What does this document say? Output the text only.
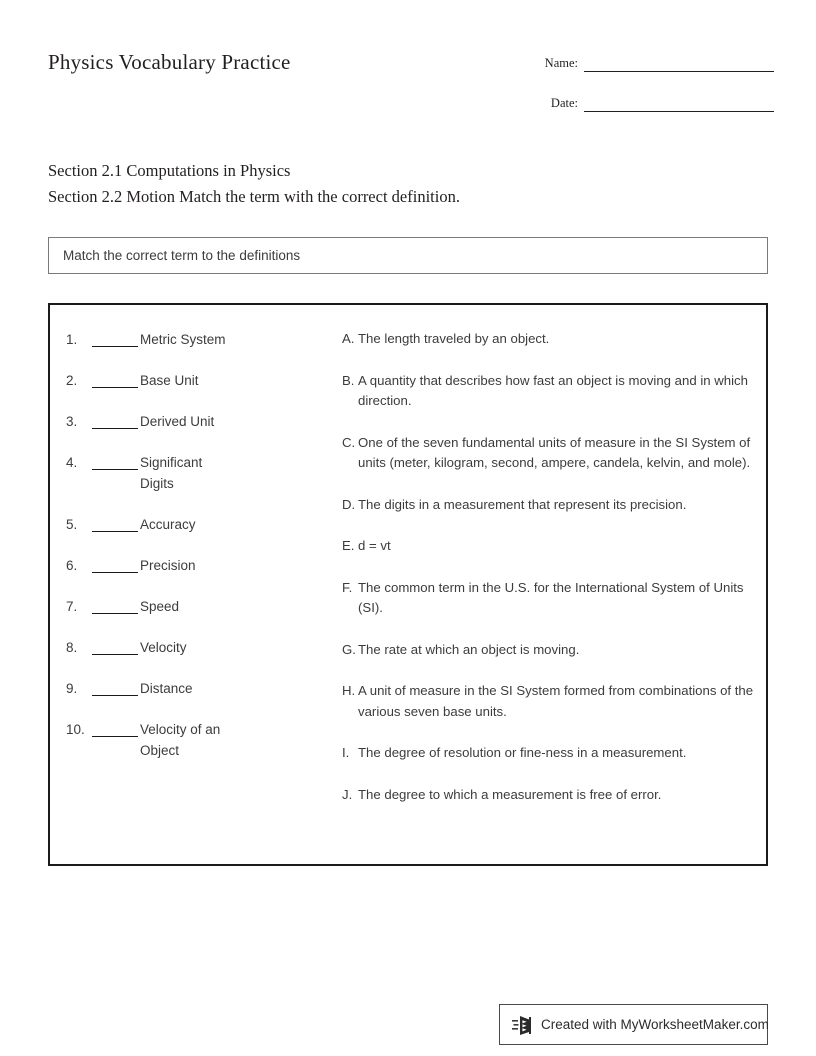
Physics Vocabulary Practice	Name:
Date:
Section 2.1 Computations in Physics
Section 2.2 Motion Match the term with the correct definition.
Match the correct term to the definitions
1.	Metric System
2.	Base Unit
3.	Derived Unit
4.	Significant Digits
5.	Accuracy
6.	Precision
7.	Speed
8.	Velocity
9.	Distance
10.	Velocity of an Object
A. The length traveled by an object.
B. A quantity that describes how fast an object is moving and in which direction.
C. One of the seven fundamental units of measure in the SI System of units (meter, kilogram, second, ampere, candela, kelvin, and mole).
D. The digits in a measurement that represent its precision.
E. d = vt
F. The common term in the U.S. for the International System of Units (SI).
G. The rate at which an object is moving.
H. A unit of measure in the SI System formed from combinations of the various seven base units.
I. The degree of resolution or fine-ness in a measurement.
J. The degree to which a measurement is free of error.
Created with MyWorksheetMaker.com
